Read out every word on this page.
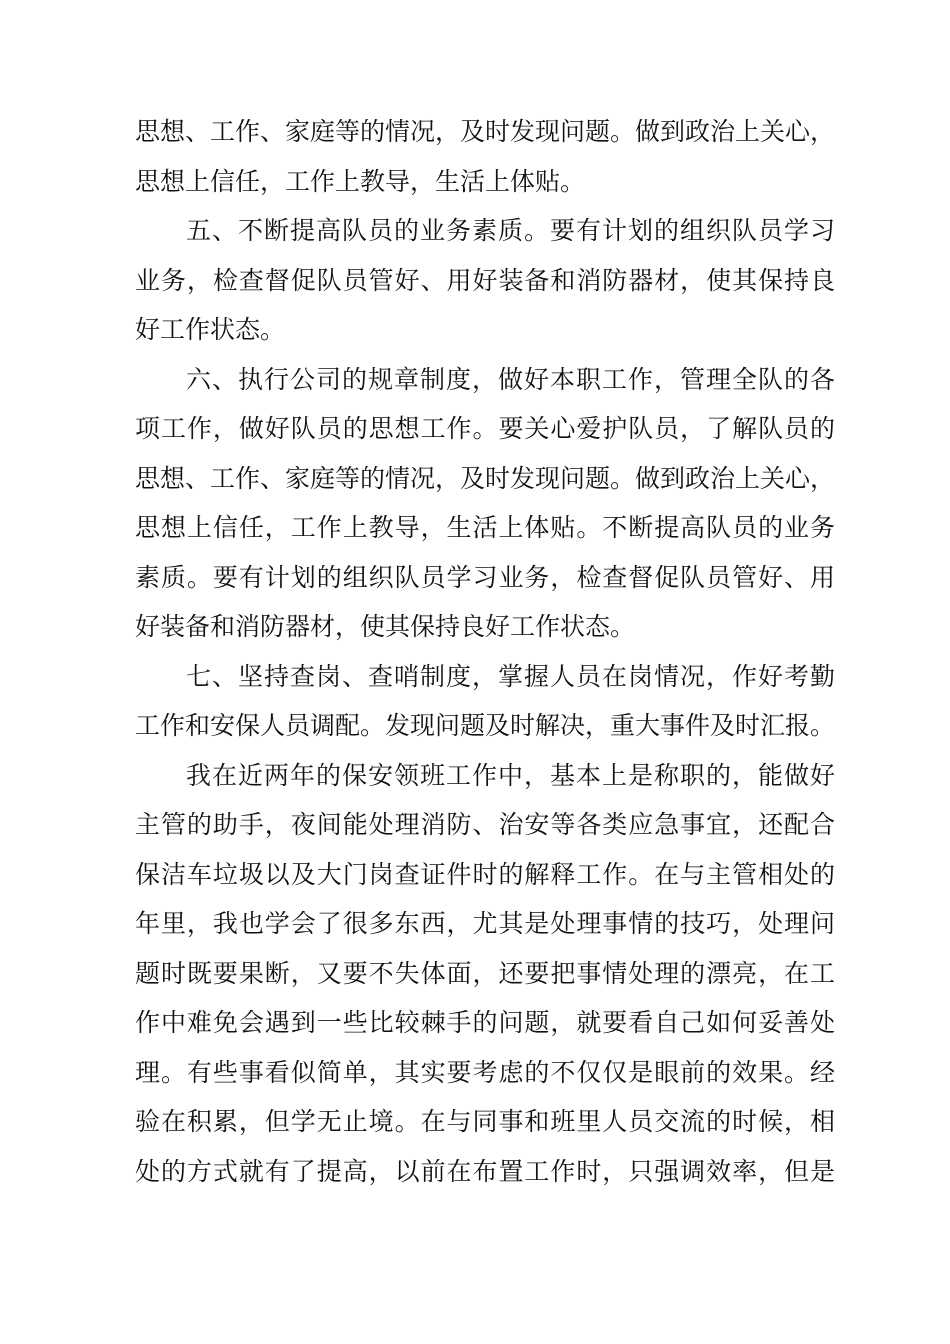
思想、工作、家庭等的情况，及时发现问题。做到政治上关心，
思想上信任，工作上教导，生活上体贴。
五、不断提高队员的业务素质。要有计划的组织队员学习
业务，检查督促队员管好、用好装备和消防器材，使其保持良
好工作状态。
六、执行公司的规章制度，做好本职工作，管理全队的各
项工作，做好队员的思想工作。要关心爱护队员，了解队员的
思想、工作、家庭等的情况，及时发现问题。做到政治上关心，
思想上信任，工作上教导，生活上体贴。不断提高队员的业务
素质。要有计划的组织队员学习业务，检查督促队员管好、用
好装备和消防器材，使其保持良好工作状态。
七、坚持查岗、查哨制度，掌握人员在岗情况，作好考勤
工作和安保人员调配。发现问题及时解决，重大事件及时汇报。
我在近两年的保安领班工作中，基本上是称职的，能做好
主管的助手，夜间能处理消防、治安等各类应急事宜，还配合
保洁车垃圾以及大门岗查证件时的解释工作。在与主管相处的
年里，我也学会了很多东西，尤其是处理事情的技巧，处理问
题时既要果断，又要不失体面，还要把事情处理的漂亮，在工
作中难免会遇到一些比较棘手的问题，就要看自己如何妥善处
理。有些事看似简单，其实要考虑的不仅仅是眼前的效果。经
验在积累，但学无止境。在与同事和班里人员交流的时候，相
处的方式就有了提高，以前在布置工作时，只强调效率，但是
